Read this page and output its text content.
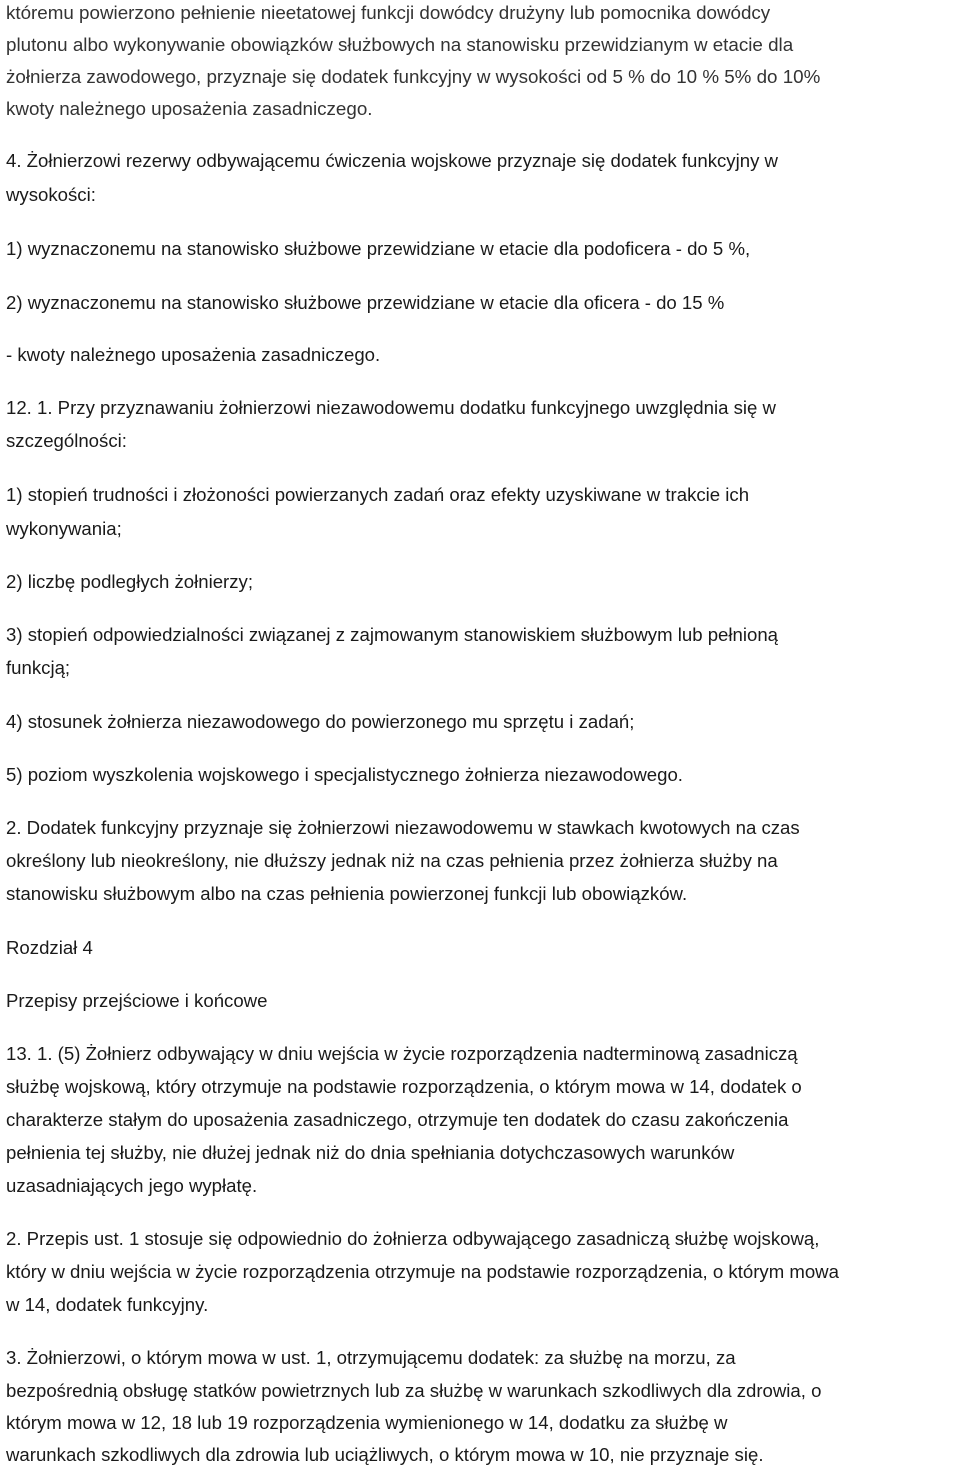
któremu powierzono pełnienie nieetatowej funkcji dowódcy drużyny lub pomocnika dowódcy
plutonu albo wykonywanie obowiązków służbowych na stanowisku przewidzianym w etacie dla
żołnierza zawodowego, przyznaje się dodatek funkcyjny w wysokości od 5 % do 10 % 5% do 10%
kwoty należnego uposażenia zasadniczego.
4. Żołnierzowi rezerwy odbywającemu ćwiczenia wojskowe przyznaje się dodatek funkcyjny w
wysokości:
1) wyznaczonemu na stanowisko służbowe przewidziane w etacie dla podoficera - do 5 %,
2) wyznaczonemu na stanowisko służbowe przewidziane w etacie dla oficera - do 15 %
- kwoty należnego uposażenia zasadniczego.
12. 1. Przy przyznawaniu żołnierzowi niezawodowemu dodatku funkcyjnego uwzględnia się w
szczególności:
1) stopień trudności i złożoności powierzanych zadań oraz efekty uzyskiwane w trakcie ich
wykonywania;
2) liczbę podległych żołnierzy;
3) stopień odpowiedzialności związanej z zajmowanym stanowiskiem służbowym lub pełnioną
funkcją;
4) stosunek żołnierza niezawodowego do powierzonego mu sprzętu i zadań;
5) poziom wyszkolenia wojskowego i specjalistycznego żołnierza niezawodowego.
2. Dodatek funkcyjny przyznaje się żołnierzowi niezawodowemu w stawkach kwotowych na czas
określony lub nieokreślony, nie dłuższy jednak niż na czas pełnienia przez żołnierza służby na
stanowisku służbowym albo na czas pełnienia powierzonej funkcji lub obowiązków.
Rozdział 4
Przepisy przejściowe i końcowe
13. 1. (5) Żołnierz odbywający w dniu wejścia w życie rozporządzenia nadterminową zasadniczą
służbę wojskową, który otrzymuje na podstawie rozporządzenia, o którym mowa w 14, dodatek o
charakterze stałym do uposażenia zasadniczego, otrzymuje ten dodatek do czasu zakończenia
pełnienia tej służby, nie dłużej jednak niż do dnia spełniania dotychczasowych warunków
uzasadniających jego wypłatę.
2. Przepis ust. 1 stosuje się odpowiednio do żołnierza odbywającego zasadniczą służbę wojskową,
który w dniu wejścia w życie rozporządzenia otrzymuje na podstawie rozporządzenia, o którym mowa
w 14, dodatek funkcyjny.
3. Żołnierzowi, o którym mowa w ust. 1, otrzymującemu dodatek: za służbę na morzu, za
bezpośrednią obsługę statków powietrznych lub za służbę w warunkach szkodliwych dla zdrowia, o
którym mowa w 12, 18 lub 19 rozporządzenia wymienionego w 14, dodatku za służbę w
warunkach szkodliwych dla zdrowia lub uciążliwych, o którym mowa w 10, nie przyznaje się.
